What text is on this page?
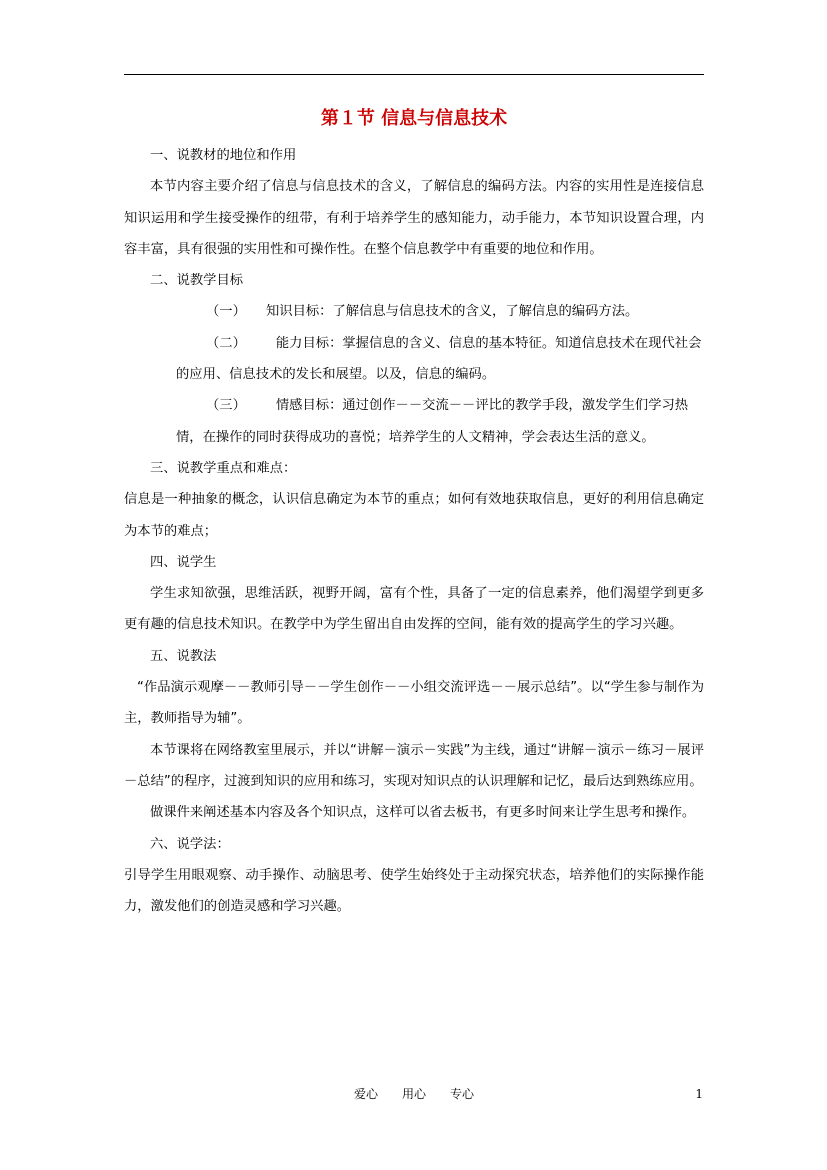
第１节 信息与信息技术
一、说教材的地位和作用
本节内容主要介绍了信息与信息技术的含义，了解信息的编码方法。内容的实用性是连接信息知识运用和学生接受操作的纽带，有利于培养学生的感知能力，动手能力，本节知识设置合理，内容丰富，具有很强的实用性和可操作性。在整个信息教学中有重要的地位和作用。
二、说教学目标
（一） 知识目标：了解信息与信息技术的含义，了解信息的编码方法。
（二） 能力目标：掌握信息的含义、信息的基本特征。知道信息技术在现代社会的应用、信息技术的发长和展望。以及，信息的编码。
（三） 情感目标：通过创作－－交流－－评比的教学手段，激发学生们学习热情，在操作的同时获得成功的喜悦；培养学生的人文精神，学会表达生活的意义。
三、说教学重点和难点：
信息是一种抽象的概念，认识信息确定为本节的重点；如何有效地获取信息，更好的利用信息确定为本节的难点；
四、说学生
学生求知欲强，思维活跃，视野开阔，富有个性，具备了一定的信息素养，他们渴望学到更多更有趣的信息技术知识。在教学中为学生留出自由发挥的空间，能有效的提高学生的学习兴趣。
五、说教法
“作品演示观摩－－教师引导－－学生创作－－小组交流评选－－展示总结”。以“学生参与制作为主，教师指导为辅”。
本节课将在网络教室里展示，并以“讲解－演示－实践”为主线，通过“讲解－演示－练习－展评－总结”的程序，过渡到知识的应用和练习，实现对知识点的认识理解和记忆，最后达到熟练应用。
做课件来阐述基本内容及各个知识点，这样可以省去板书，有更多时间来让学生思考和操作。
六、说学法：
引导学生用眼观察、动手操作、动脑思考、使学生始终处于主动探究状态，培养他们的实际操作能力，激发他们的创造灵感和学习兴趣。
爱心　　用心　　专心	1
